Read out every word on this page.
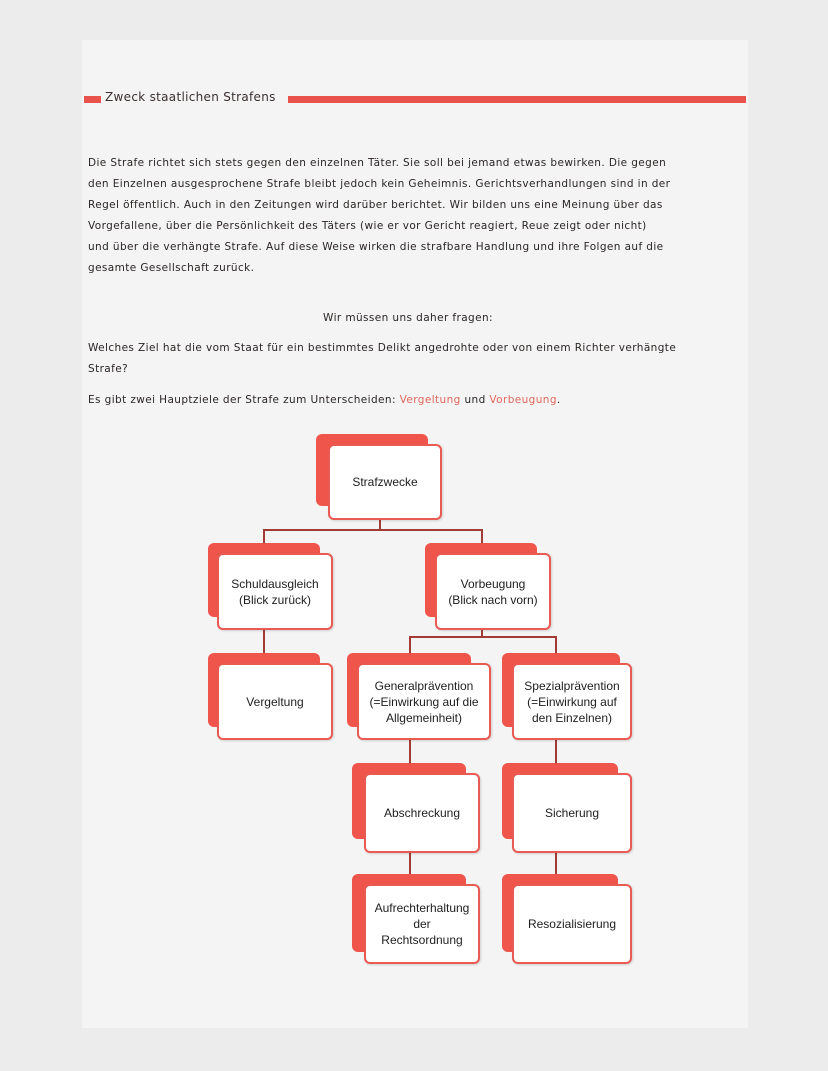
Zweck staatlichen Strafens
Die Strafe richtet sich stets gegen den einzelnen Täter. Sie soll bei jemand etwas bewirken. Die gegen
den Einzelnen ausgesprochene Strafe bleibt jedoch kein Geheimnis. Gerichtsverhandlungen sind in der
Regel öffentlich. Auch in den Zeitungen wird darüber berichtet. Wir bilden uns eine Meinung über das
Vorgefallene, über die Persönlichkeit des Täters (wie er vor Gericht reagiert, Reue zeigt oder nicht)
und über die verhängte Strafe. Auf diese Weise wirken die strafbare Handlung und ihre Folgen auf die
gesamte Gesellschaft zurück.
Wir müssen uns daher fragen:
Welches Ziel hat die vom Staat für ein bestimmtes Delikt angedrohte oder von einem Richter verhängte
Strafe?
Es gibt zwei Hauptziele der Strafe zum Unterscheiden: Vergeltung und Vorbeugung.
Strafzwecke
Schuldausgleich
(Blick zurück)
Vorbeugung
(Blick nach vorn)
Vergeltung
Generalprävention
(=Einwirkung auf die
Allgemeinheit)
Spezialprävention
(=Einwirkung auf
den Einzelnen)
Abschreckung	Sicherung
Aufrechterhaltung
der
Rechtsordnung
Resozialisierung
